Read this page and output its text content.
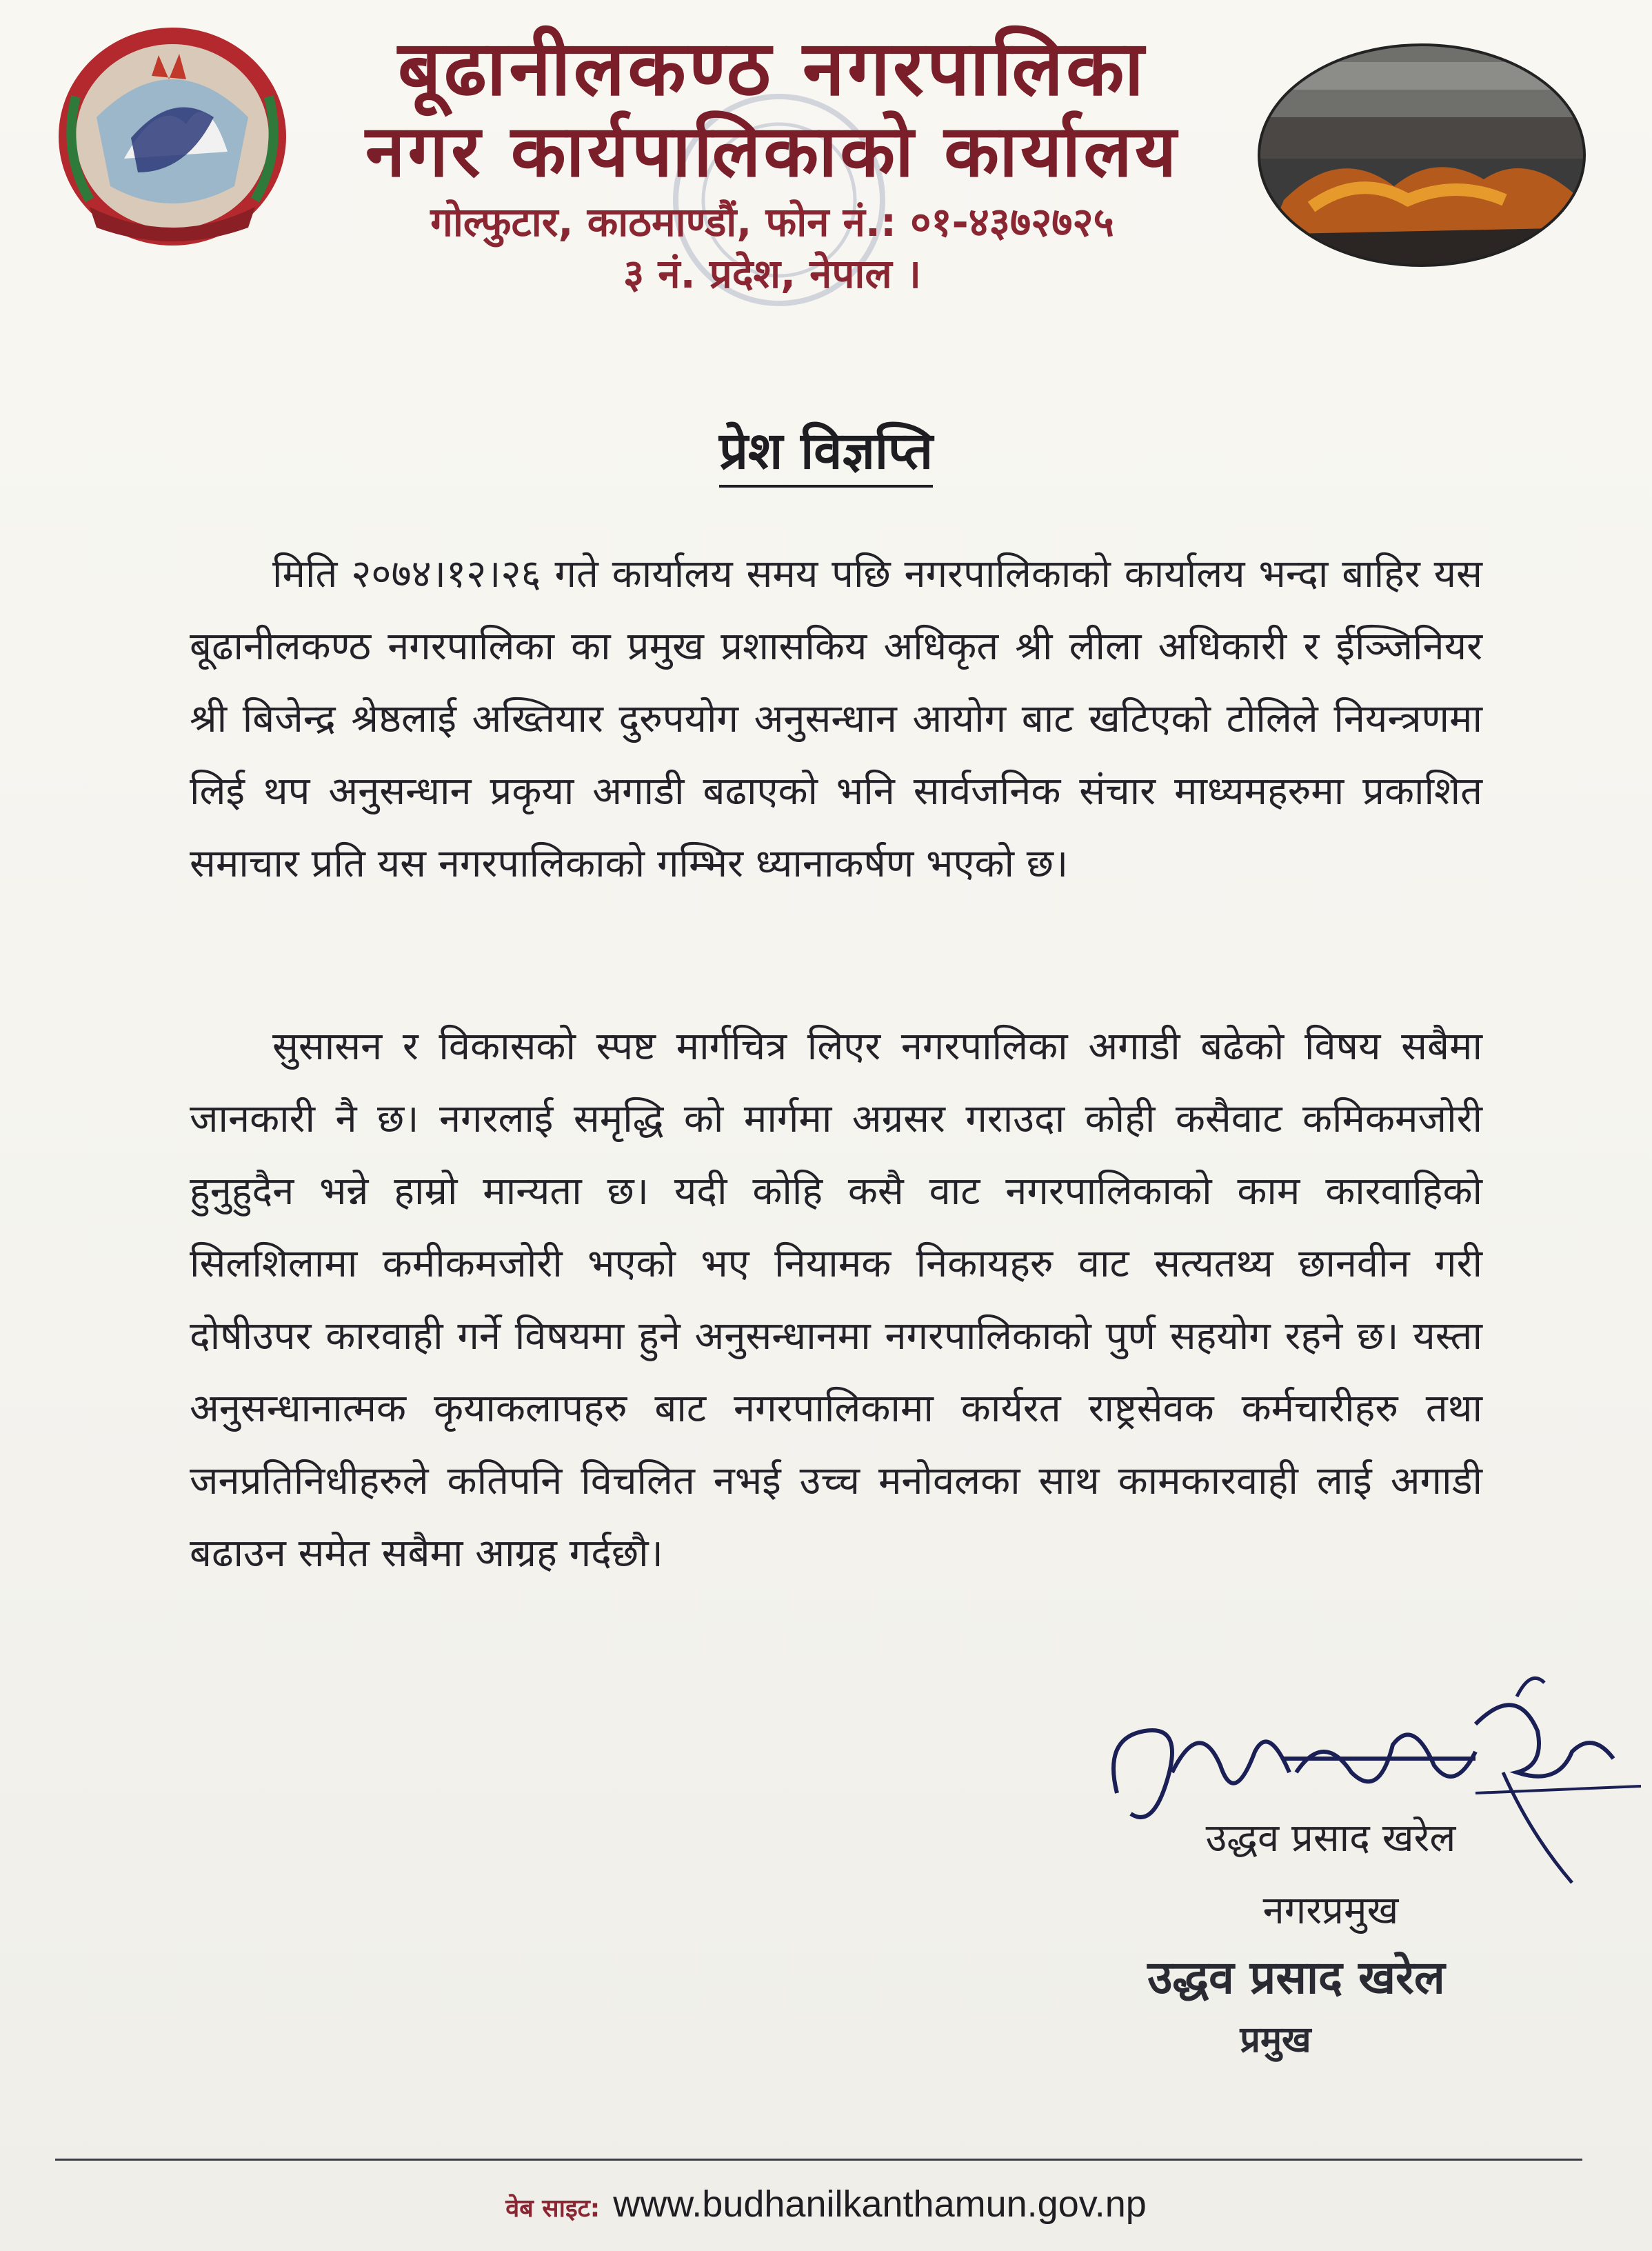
बूढानीलकण्ठ नगरपालिका
नगर कार्यपालिकाको कार्यालय
गोल्फुटार, काठमाण्डौं, फोन नं.: ०१-४३७२७२५
३ नं. प्रदेश, नेपाल ।
प्रेश विज्ञप्ति
मिति २०७४।१२।२६ गते कार्यालय समय पछि नगरपालिकाको कार्यालय भन्दा बाहिर यस बूढानीलकण्ठ नगरपालिका का प्रमुख प्रशासकिय अधिकृत श्री लीला अधिकारी र ईञ्जिनियर श्री बिजेन्द्र श्रेष्ठलाई अख्तियार दुरुपयोग अनुसन्धान आयोग बाट खटिएको टोलिले नियन्त्रणमा लिई थप अनुसन्धान प्रकृया अगाडी बढाएको भनि सार्वजनिक संचार माध्यमहरुमा प्रकाशित समाचार प्रति यस नगरपालिकाको गम्भिर ध्यानाकर्षण भएको छ।
सुसासन र विकासको स्पष्ट मार्गचित्र लिएर नगरपालिका अगाडी बढेको विषय सबैमा जानकारी नै छ। नगरलाई समृद्धि को मार्गमा अग्रसर गराउदा कोही कसैवाट कमिकमजोरी हुनुहुदैन भन्ने हाम्रो मान्यता छ। यदी कोहि कसै वाट नगरपालिकाको काम कारवाहिको सिलशिलामा कमीकमजोरी भएको भए नियामक निकायहरु वाट सत्यतथ्य छानवीन गरी दोषीउपर कारवाही गर्ने विषयमा हुने अनुसन्धानमा नगरपालिकाको पुर्ण सहयोग रहने छ। यस्ता अनुसन्धानात्मक कृयाकलापहरु बाट नगरपालिकामा कार्यरत राष्ट्रसेवक कर्मचारीहरु तथा जनप्रतिनिधीहरुले कतिपनि विचलित नभई उच्च मनोवलका साथ कामकारवाही लाई अगाडी बढाउन समेत सबैमा आग्रह गर्दछौ।
उद्धव प्रसाद खरेल
नगरप्रमुख
उद्धव प्रसाद खरेल
प्रमुख
वेब साइट: www.budhanilkanthamun.gov.np
